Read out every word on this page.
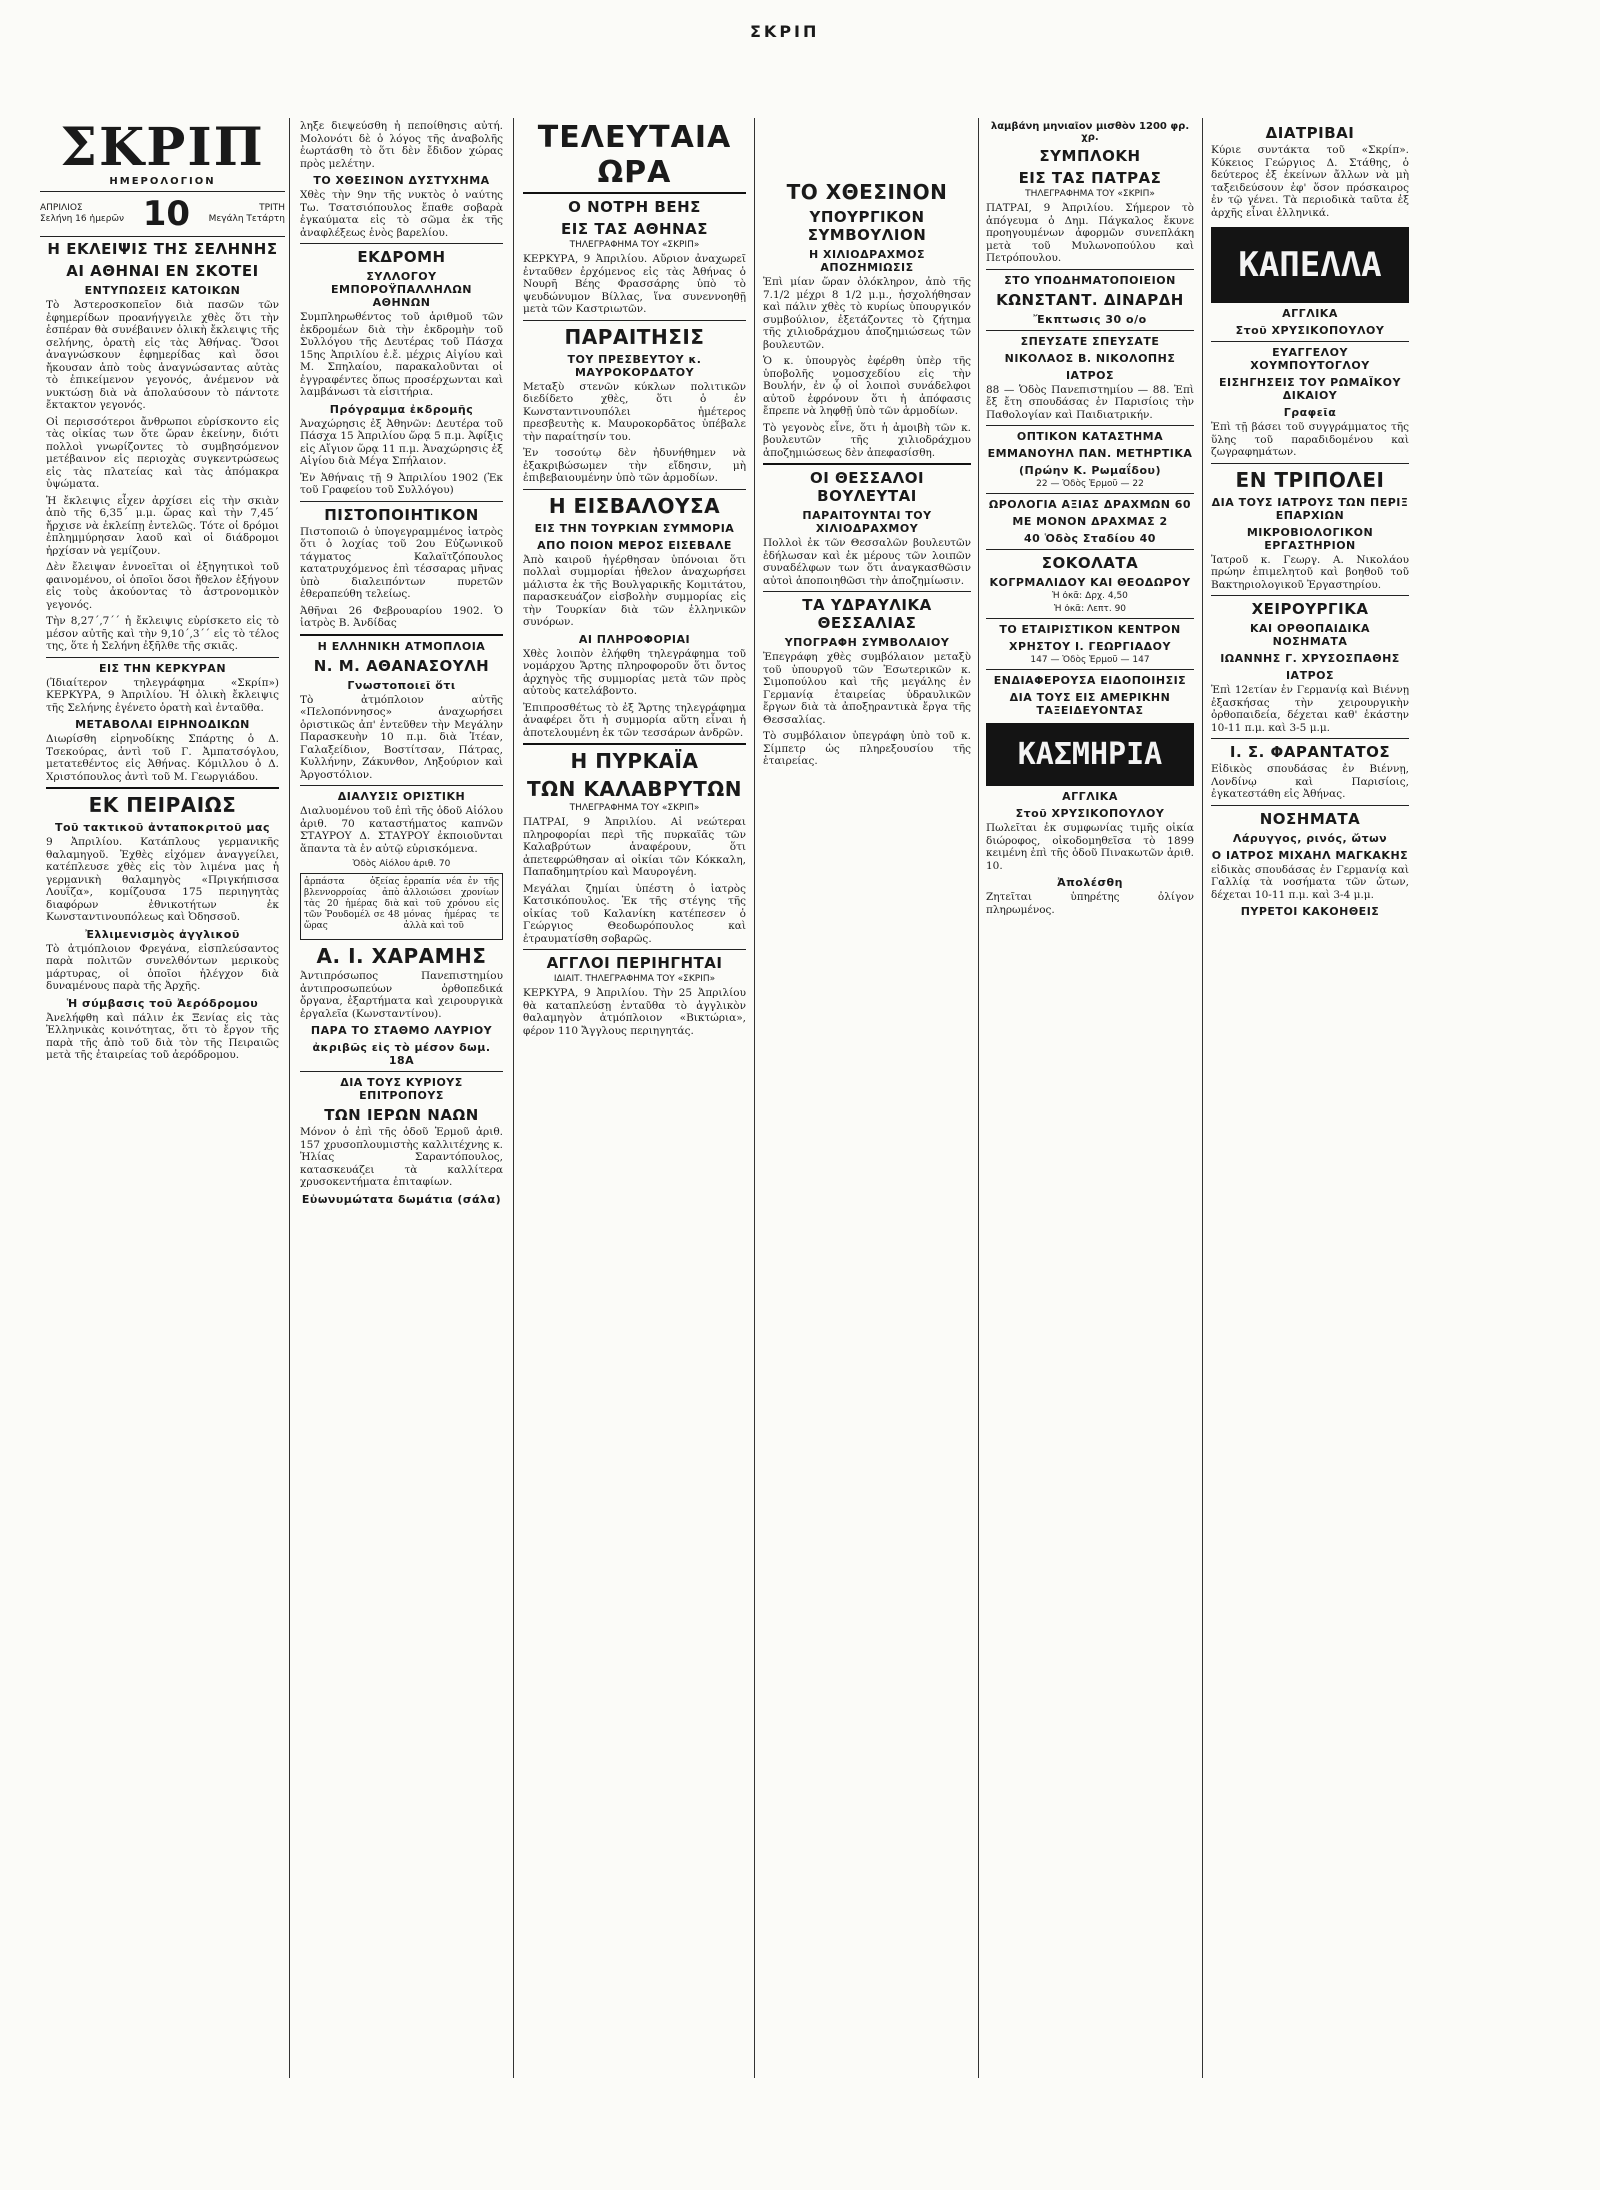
ΣΚΡΙΠ
ΣΚΡΙΠ
ΗΜΕΡΟΛΟΓΙΟΝ
ΑΠΡΙΛΙΟΣ
Σελήνη 16 ἡμερῶν 10	ΤΡΙΤΗ
Μεγάλη Τετάρτη
Η ΕΚΛΕΙΨΙΣ ΤΗΣ ΣΕΛΗΝΗΣ
ΑΙ ΑΘΗΝΑΙ ΕΝ ΣΚΟΤΕΙ
ΕΝΤΥΠΩΣΕΙΣ ΚΑΤΟΙΚΩΝ

Τὸ Ἀστεροσκοπεῖον διὰ πασῶν τῶν ἐφημερίδων προανήγγειλε χθὲς ὅτι τὴν ἑσπέραν θὰ συνέβαινεν ὁλικὴ ἔκλειψις τῆς σελήνης, ὁρατὴ εἰς τὰς Ἀθήνας. Ὅσοι ἀναγνώσκουν ἐφημερίδας καὶ ὅσοι ἤκουσαν ἀπὸ τοὺς ἀναγνώσαντας αὐτὰς τὸ ἐπικείμενον γεγονός, ἀνέμενον νὰ νυκτώσῃ διὰ νὰ ἀπολαύσουν τὸ πάντοτε ἔκτακτον γεγονός.

Οἱ περισσότεροι ἄνθρωποι εὑρίσκοντο εἰς τὰς οἰκίας των ὅτε ὥραν ἐκείνην, διότι πολλοὶ γνωρίζοντες τὸ συμβησόμενον μετέβαινον εἰς περιοχὰς συγκεντρώσεως εἰς τὰς πλατείας καὶ τὰς ἀπόμακρα ὑψώματα.

Ἡ ἔκλειψις εἶχεν ἀρχίσει εἰς τὴν σκιὰν ἀπὸ τῆς 6,35΄ μ.μ. ὥρας καὶ τὴν 7,45΄ ἤρχισε νὰ ἐκλείπῃ ἐντελῶς. Τότε οἱ δρόμοι ἐπλημμύρησαν λαοῦ καὶ οἱ διάδρομοι ἠρχίσαν νὰ γεμίζουν.

Δὲν ἔλειψαν ἐννοεῖται οἱ ἐξηγητικοὶ τοῦ φαινομένου, οἱ ὁποῖοι ὅσοι ἤθελον ἐξήγουν εἰς τοὺς ἀκούοντας τὸ ἀστρονομικὸν γεγονός.

Τὴν 8,27΄,7΄΄ ἡ ἔκλειψις εὑρίσκετο εἰς τὸ μέσον αὐτῆς καὶ τὴν 9,10΄,3΄΄ εἰς τὸ τέλος της, ὅτε ἡ Σελήνη ἐξῆλθε τῆς σκιᾶς.

ΕΙΣ ΤΗΝ ΚΕΡΚΥΡΑΝ

(Ἰδιαίτερον τηλεγράφημα «Σκρίπ») ΚΕΡΚΥΡΑ, 9 Ἀπριλίου. Ἡ ὁλικὴ ἔκλειψις τῆς Σελήνης ἐγένετο ὁρατὴ καὶ ἐνταῦθα.

ΜΕΤΑΒΟΛΑΙ ΕΙΡΗΝΟΔΙΚΩΝ

Διωρίσθη εἰρηνοδίκης Σπάρτης ὁ Δ. Τσεκούρας, ἀντὶ τοῦ Γ. Ἀμπατσόγλου, μετατεθέντος εἰς Ἀθήνας. Κόμιλλου ὁ Δ. Χριστόπουλος ἀντὶ τοῦ Μ. Γεωργιάδου.

ΕΚ ΠΕΙΡΑΙΩΣ
Τοῦ τακτικοῦ ἀνταποκριτοῦ μας

9 Ἀπριλίου. Κατάπλους γερμανικῆς θαλαμηγοῦ. Ἐχθὲς εἰχόμεν ἀναγγείλει, κατέπλευσε χθὲς εἰς τὸν λιμένα μας ἡ γερμανικὴ θαλαμηγὸς «Πριγκήπισσα Λουΐζα», κομίζουσα 175 περιηγητὰς διαφόρων ἐθνικοτήτων ἐκ Κωνσταντινουπόλεως καὶ Ὀδησσοῦ.

Ἐλλιμενισμὸς ἀγγλικοῦ

Τὸ ἀτμόπλοιον Φρεγάνα, εἰσπλεύσαντος παρὰ πολιτῶν συνελθόντων μερικοὺς μάρτυρας, οἱ ὁποῖοι ἠλέγχον διὰ δυναμένους παρὰ τῆς Ἀρχῆς.

Ἡ σύμβασις τοῦ Ἀερόδρομου

Ἀνελήφθη καὶ πάλιν ἐκ Ξενίας εἰς τὰς Ἐλληνικὰς κοινότητας, ὅτι τὸ ἔργον τῆς παρὰ τῆς ἀπὸ τοῦ διὰ τὸν τῆς Πειραιῶς μετὰ τῆς ἐταιρείας τοῦ ἀερόδρομου.

ληξε διεψεύσθη ἡ πεποίθησις αὐτή. Μολονότι δὲ ὁ λόγος τῆς ἀναβολῆς ἐωρτάσθη τὸ ὅτι δὲν ἔδιδον χώρας πρὸς μελέτην.

ΤΟ ΧΘΕΣΙΝΟΝ ΔΥΣΤΥΧΗΜΑ

Χθὲς τὴν 9ην τῆς νυκτὸς ὁ ναύτης Τω. Τσατσιόπουλος ἔπαθε σοβαρὰ ἐγκαύματα εἰς τὸ σῶμα ἐκ τῆς ἀναφλέξεως ἑνὸς βαρελίου.

ΕΚΔΡΟΜΗ
ΣΥΛΛΟΓΟΥ ΕΜΠΟΡΟΫΠΑΛΛΗΛΩΝ ΑΘΗΝΩΝ

Συμπληρωθέντος τοῦ ἀριθμοῦ τῶν ἐκδρομέων διὰ τὴν ἐκδρομὴν τοῦ Συλλόγου τῆς Δευτέρας τοῦ Πάσχα 15ης Ἀπριλίου ἐ.ἔ. μέχρις Αἰγίου καὶ Μ. Σπηλαίου, παρακαλοῦνται οἱ ἐγγραφέντες ὅπως προσέρχωνται καὶ λαμβάνωσι τὰ εἰσιτήρια.

Πρόγραμμα ἐκδρομῆς

Ἀναχώρησις ἐξ Ἀθηνῶν: Δευτέρα τοῦ Πάσχα 15 Ἀπριλίου ὥρᾳ 5 π.μ. Ἀφίξις εἰς Αἴγιον ὥρᾳ 11 π.μ. Ἀναχώρησις ἐξ Αἰγίου διὰ Μέγα Σπήλαιον.

Ἐν Ἀθήναις τῇ 9 Ἀπριλίου 1902 (Ἐκ τοῦ Γραφείου τοῦ Συλλόγου)

ΠΙΣΤΟΠΟΙΗΤΙΚΟΝ

Πιστοποιῶ ὁ ὑπογεγραμμένος ἰατρὸς ὅτι ὁ λοχίας τοῦ 2ου Εὐζωνικοῦ τάγματος Καλαϊτζόπουλος κατατρυχόμενος ἐπὶ τέσσαρας μῆνας ὑπὸ διαλειπόντων πυρετῶν ἐθεραπεύθη τελείως.

Ἀθῆναι 26 Φεβρουαρίου 1902. Ὁ ἰατρὸς Β. Ἀνδίδας

Η ΕΛΛΗΝΙΚΗ ΑΤΜΟΠΛΟΙΑ
Ν. Μ. ΑΘΑΝΑΣΟΥΛΗ
Γνωστοποιεῖ ὅτι

Τὸ ἀτμόπλοιον αὐτῆς «Πελοπόννησος» ἀναχωρήσει ὁριστικῶς ἀπ' ἐντεῦθεν τὴν Μεγάλην Παρασκευὴν 10 π.μ. διὰ Ἰτέαν, Γαλαξείδιον, Βοστίτσαν, Πάτρας, Κυλλήνην, Ζάκυνθον, Ληξούριον καὶ Ἀργοστόλιον.

ΔΙΑΛΥΣΙΣ ΟΡΙΣΤΙΚΗ

Διαλυομένου τοῦ ἐπὶ τῆς ὁδοῦ Αἰόλου ἀριθ. 70 καταστήματος καπνῶν ΣΤΑΥΡΟΥ Δ. ΣΤΑΥΡΟΥ ἐκποιοῦνται ἅπαντα τὰ ἐν αὐτῷ εὑρισκόμενα.

Ὁδὸς Αἰόλου ἀριθ. 70

ἀρπάστα ὀξείας βλεννορροίας ἀπὸ τὰς 20 ἡμέρας διὰ τῶν Ῥουδομέλ σε 48 ὥρας

ἐρραπία νέα ἐν τῆς ἀλλοιώσει χρονίων καὶ τοῦ χρόνου εἰς μόνας ἡμέρας τε ἀλλὰ καὶ τοῦ

Α. Ι. ΧΑΡΑΜΗΣ

Ἀντιπρόσωπος Πανεπιστημίου ἀντιπροσωπεύων ὀρθοπεδικά ὄργανα, ἐξαρτήματα καὶ χειρουργικὰ ἐργαλεῖα (Κωνσταντίνου).

ΠΑΡΑ ΤΟ ΣΤΑΘΜΟ ΛΑΥΡΙΟΥ
ἀκριβῶς εἰς τὸ μέσον δωμ. 18Α
ΔΙΑ ΤΟΥΣ ΚΥΡΙΟΥΣ ΕΠΙΤΡΟΠΟΥΣ
ΤΩΝ ΙΕΡΩΝ ΝΑΩΝ

Μόνον ὁ ἐπὶ τῆς ὁδοῦ Ἑρμοῦ ἀριθ. 157 χρυσοπλουμιστὴς καλλιτέχνης κ. Ἠλίας Σαραντόπουλος, κατασκευάζει τὰ καλλίτερα χρυσοκεντήματα ἐπιταφίων.

Εὐωνυμώτατα δωμάτια (σάλα)
ΤΕΛΕΥΤΑΙΑ ΩΡΑ
Ο ΝΟΤΡΗ ΒΕΗΣ
ΕΙΣ ΤΑΣ ΑΘΗΝΑΣ
ΤΗΛΕΓΡΑΦΗΜΑ ΤΟΥ «ΣΚΡΙΠ»

ΚΕΡΚΥΡΑ, 9 Ἀπριλίου. Αὔριον ἀναχωρεῖ ἐνταῦθεν ἐρχόμενος εἰς τὰς Ἀθήνας ὁ Νουρῆ Βέης Φρασσάρης ὑπὸ τὸ ψευδώνυμον Βίλλας, ἵνα συνεννοηθῇ μετὰ τῶν Καστριωτῶν.

ΠΑΡΑΙΤΗΣΙΣ
ΤΟΥ ΠΡΕΣΒΕΥΤΟΥ κ. ΜΑΥΡΟΚΟΡΔΑΤΟΥ

Μεταξὺ στενῶν κύκλων πολιτικῶν διεδίδετο χθὲς, ὅτι ὁ ἐν Κωνσταντινουπόλει ἡμέτερος πρεσβευτὴς κ. Μαυροκορδᾶτος ὑπέβαλε τὴν παραίτησίν του.

Ἐν τοσούτῳ δὲν ἠδυνήθημεν νὰ ἐξακριβώσωμεν τὴν εἴδησιν, μὴ ἐπιβεβαιουμένην ὑπὸ τῶν ἁρμοδίων.

Η ΕΙΣΒΑΛΟΥΣΑ
ΕΙΣ ΤΗΝ ΤΟΥΡΚΙΑΝ ΣΥΜΜΟΡΙΑ
ΑΠΟ ΠΟΙΟΝ ΜΕΡΟΣ ΕΙΣΕΒΑΛΕ

Ἀπὸ καιροῦ ἠγέρθησαν ὑπόνοιαι ὅτι πολλαὶ συμμορίαι ἠθελον ἀναχωρήσει μάλιστα ἐκ τῆς Βουλγαρικῆς Κομιτάτου, παρασκευάζον εἰσβολὴν συμμορίας εἰς τὴν Τουρκίαν διὰ τῶν ἑλληνικῶν συνόρων.

ΑΙ ΠΛΗΡΟΦΟΡΙΑΙ

Χθὲς λοιπὸν ἐλήφθη τηλεγράφημα τοῦ νομάρχου Ἄρτης πληροφοροῦν ὅτι ὄντος ἀρχηγὸς τῆς συμμορίας μετὰ τῶν πρὸς αὐτοὺς κατελάβοντο.

Ἐπιπροσθέτως τὸ ἐξ Ἄρτης τηλεγράφημα ἀναφέρει ὅτι ἡ συμμορία αὕτη εἶναι ἡ ἀποτελουμένη ἐκ τῶν τεσσάρων ἀνδρῶν.

Η ΠΥΡΚΑΪΑ
ΤΩΝ ΚΑΛΑΒΡΥΤΩΝ
ΤΗΛΕΓΡΑΦΗΜΑ ΤΟΥ «ΣΚΡΙΠ»

ΠΑΤΡΑΙ, 9 Ἀπριλίου. Αἱ νεώτεραι πληροφορίαι περὶ τῆς πυρκαϊᾶς τῶν Καλαβρύτων ἀναφέρουν, ὅτι ἀπετεφρώθησαν αἱ οἰκίαι τῶν Κόκκαλη, Παπαδημητρίου καὶ Μαυρογένη.

Μεγάλαι ζημίαι ὑπέστη ὁ ἰατρὸς Κατσικόπουλος. Ἐκ τῆς στέγης τῆς οἰκίας τοῦ Καλανίκη κατέπεσεν ὁ Γεώργιος Θεοδωρόπουλος καὶ ἐτραυματίσθη σοβαρῶς.

ΑΓΓΛΟΙ ΠΕΡΙΗΓΗΤΑΙ
ΙΔΙΑΙΤ. ΤΗΛΕΓΡΑΦΗΜΑ ΤΟΥ «ΣΚΡΙΠ»

ΚΕΡΚΥΡΑ, 9 Ἀπριλίου. Τὴν 25 Ἀπριλίου θὰ καταπλεύσῃ ἐνταῦθα τὸ ἀγγλικὸν θαλαμηγὸν ἀτμόπλοιον «Βικτώρια», φέρον 110 Ἄγγλους περιηγητάς.

ΤΟ ΧΘΕΣΙΝΟΝ
ΥΠΟΥΡΓΙΚΟΝ ΣΥΜΒΟΥΛΙΟΝ
Η ΧΙΛΙΟΔΡΑΧΜΟΣ ΑΠΟΖΗΜΙΩΣΙΣ

Ἐπὶ μίαν ὥραν ὁλόκληρον, ἀπὸ τῆς 7.1/2 μέχρι 8 1/2 μ.μ., ἠσχολήθησαν καὶ πάλιν χθὲς τὸ κυρίως ὑπουργικόν συμβούλιον, ἐξετάζοντες τὸ ζήτημα τῆς χιλιοδράχμου ἀποζημιώσεως τῶν βουλευτῶν.

Ὁ κ. ὑπουργὸς ἐφέρθη ὑπὲρ τῆς ὑποβολῆς νομοσχεδίου εἰς τὴν Βουλήν, ἐν ᾧ οἱ λοιποὶ συνάδελφοι αὐτοῦ ἐφρόνουν ὅτι ἡ ἀπόφασις ἔπρεπε νὰ ληφθῇ ὑπὸ τῶν ἁρμοδίων.

Τὸ γεγονὸς εἶνε, ὅτι ἡ ἀμοιβὴ τῶν κ. βουλευτῶν τῆς χιλιοδράχμου ἀποζημιώσεως δὲν ἀπεφασίσθη.

ΟΙ ΘΕΣΣΑΛΟΙ ΒΟΥΛΕΥΤΑΙ
ΠΑΡΑΙΤΟΥΝΤΑΙ ΤΟΥ ΧΙΛΙΟΔΡΑΧΜΟΥ

Πολλοὶ ἐκ τῶν Θεσσαλῶν βουλευτῶν ἐδήλωσαν καὶ ἐκ μέρους τῶν λοιπῶν συναδέλφων των ὅτι ἀναγκασθῶσιν αὐτοὶ ἀποποιηθῶσι τὴν ἀποζημίωσιν.

ΤΑ ΥΔΡΑΥΛΙΚΑ ΘΕΣΣΑΛΙΑΣ
ΥΠΟΓΡΑΦΗ ΣΥΜΒΟΛΑΙΟΥ

Ἐπεγράφη χθὲς συμβόλαιον μεταξὺ τοῦ ὑπουργοῦ τῶν Ἐσωτερικῶν κ. Σιμοπούλου καὶ τῆς μεγάλης ἐν Γερμανίᾳ ἑταιρείας ὑδραυλικῶν ἔργων διὰ τὰ ἀποξηραντικὰ ἔργα τῆς Θεσσαλίας.

Τὸ συμβόλαιον ὑπεγράφη ὑπὸ τοῦ κ. Σίμπετρ ὡς πληρεξουσίου τῆς ἑταιρείας.

λαμβάνη μηνιαῖον μισθὸν 1200 φρ. χρ.
ΣΥΜΠΛΟΚΗ
ΕΙΣ ΤΑΣ ΠΑΤΡΑΣ
ΤΗΛΕΓΡΑΦΗΜΑ ΤΟΥ «ΣΚΡΙΠ»

ΠΑΤΡΑΙ, 9 Ἀπριλίου. Σήμερον τὸ ἀπόγευμα ὁ Δημ. Πάγκαλος ἔκυνε προηγουμένων ἀφορμῶν συνεπλάκη μετὰ τοῦ Μυλωνοπούλου καὶ Πετρόπουλου.

ΣΤΟ ΥΠΟΔΗΜΑΤΟΠΟΙΕΙΟΝ
ΚΩΝΣΤΑΝΤ. ΔΙΝΑΡΔΗ
Ἔκπτωσις 30 ο/ο
ΣΠΕΥΣΑΤΕ ΣΠΕΥΣΑΤΕ
ΝΙΚΟΛΑΟΣ Β. ΝΙΚΟΛΟΠΗΣ
ΙΑΤΡΟΣ

88 — Ὁδὸς Πανεπιστημίου — 88. Ἐπὶ ἔξ ἔτη σπουδάσας ἐν Παρισίοις τὴν Παθολογίαν καὶ Παιδιατρικήν.

ΟΠΤΙΚΟΝ ΚΑΤΑΣΤΗΜΑ
ΕΜΜΑΝΟΥΗΛ ΠΑΝ. ΜΕΤΗΡΤΙΚΑ
(Πρώην Κ. Ρωμαΐδου)
22 — Ὁδὸς Ἑρμοῦ — 22
ΩΡΟΛΟΓΙΑ ΑΞΙΑΣ ΔΡΑΧΜΩΝ 60
ΜΕ ΜΟΝΟΝ ΔΡΑΧΜΑΣ 2
40 Ὁδὸς Σταδίου 40
ΣΟΚΟΛΑΤΑ
ΚΟΓΡΜΑΛΙΔΟΥ ΚΑΙ ΘΕΟΔΩΡΟΥ
Ἡ ὀκᾶ: Δρχ. 4,50
Ἡ ὀκᾶ: Λεπτ. 90
ΤΟ ΕΤΑΙΡΙΣΤΙΚΟΝ ΚΕΝΤΡΟΝ
ΧΡΗΣΤΟΥ Ι. ΓΕΩΡΓΙΑΔΟΥ
147 — Ὁδὸς Ἑρμοῦ — 147
ΕΝΔΙΑΦΕΡΟΥΣΑ ΕΙΔΟΠΟΙΗΣΙΣ
ΔΙΑ ΤΟΥΣ ΕΙΣ ΑΜΕΡΙΚΗΝ ΤΑΞΕΙΔΕΥΟΝΤΑΣ
ΚΑΣΜΗΡΙΑ
ΑΓΓΛΙΚΑ
Στοῦ ΧΡΥΣΙΚΟΠΟΥΛΟΥ

Πωλεῖται ἐκ συμφωνίας τιμῆς οἰκία διώροφος, οἰκοδομηθεῖσα τὸ 1899 κειμένη ἐπὶ τῆς ὁδοῦ Πινακωτῶν ἀριθ. 10.

Ἀπολέσθη

Ζητεῖται ὑπηρέτης ὀλίγον πληρωμένος.

ΔΙΑΤΡΙΒΑΙ

Κύριε συντάκτα τοῦ «Σκρίπ». Κύκειος Γεώργιος Δ. Στάθης, ὁ δεύτερος ἐξ ἐκείνων ἄλλων νὰ μὴ ταξειδεύσουν ἐφ' ὅσον πρόσκαιρος ἐν τῷ γένει. Τὰ περιοδικὰ ταῦτα ἐξ ἀρχῆς εἶναι ἐλληνικά.

ΚΑΠΕΛΛΑ
ΑΓΓΛΙΚΑ
Στοῦ ΧΡΥΣΙΚΟΠΟΥΛΟΥ
ΕΥΑΓΓΕΛΟΥ ΧΟΥΜΠΟΥΤΟΓΛΟΥ
ΕΙΣΗΓΗΣΕΙΣ ΤΟΥ ΡΩΜΑΪΚΟΥ ΔΙΚΑΙΟΥ
Γραφεῖα

Ἐπὶ τῇ βάσει τοῦ συγγράμματος τῆς ὕλης τοῦ παραδιδομένου καὶ ζωγραφημάτων.

ΕΝ ΤΡΙΠΟΛΕΙ
ΔΙΑ ΤΟΥΣ ΙΑΤΡΟΥΣ ΤΩΝ ΠΕΡΙΞ ΕΠΑΡΧΙΩΝ
ΜΙΚΡΟΒΙΟΛΟΓΙΚΟΝ ΕΡΓΑΣΤΗΡΙΟΝ

Ἰατροῦ κ. Γεωργ. Α. Νικολάου πρώην ἐπιμελητοῦ καὶ βοηθοῦ τοῦ Βακτηριολογικοῦ Ἐργαστηρίου.

ΧΕΙΡΟΥΡΓΙΚΑ
ΚΑΙ ΟΡΘΟΠΑΙΔΙΚΑ ΝΟΣΗΜΑΤΑ
ΙΩΑΝΝΗΣ Γ. ΧΡΥΣΟΣΠΑΘΗΣ
ΙΑΤΡΟΣ

Ἐπὶ 12ετίαν ἐν Γερμανίᾳ καὶ Βιέννῃ ἐξασκήσας τὴν χειρουργικὴν ὀρθοπαιδεία, δέχεται καθ' ἑκάστην 10-11 π.μ. καὶ 3-5 μ.μ.

Ι. Σ. ΦΑΡΑΝΤΑΤΟΣ

Εἰδικὸς σπουδάσας ἐν Βιέννῃ, Λονδίνῳ καὶ Παρισίοις, ἐγκατεστάθη εἰς Ἀθήνας.

ΝΟΣΗΜΑΤΑ
Λάρυγγος, ρινός, ὤτων
Ο ΙΑΤΡΟΣ ΜΙΧΑΗΛ ΜΑΓΚΑΚΗΣ

εἰδικὰς σπουδάσας ἐν Γερμανίᾳ καὶ Γαλλίᾳ τὰ νοσήματα τῶν ὤτων, δέχεται 10-11 π.μ. καὶ 3-4 μ.μ.

ΠΥΡΕΤΟΙ ΚΑΚΟΗΘΕΙΣ
